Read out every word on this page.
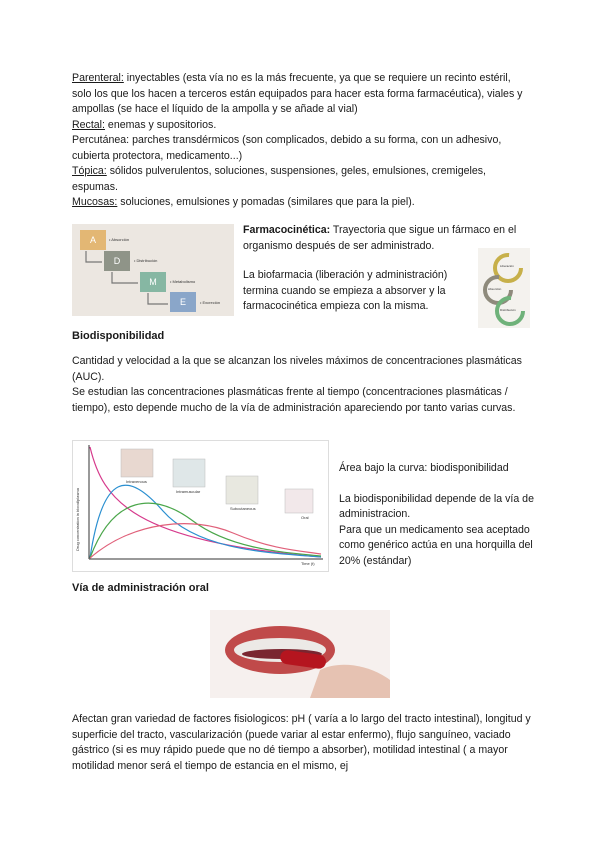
Parenteral: inyectables (esta vía no es la más frecuente, ya que se requiere un recinto estéril, solo los que los hacen a terceros están equipados para hacer esta forma farmacéutica), viales y ampollas (se hace el líquido de la ampolla y se añade al vial)

Rectal: enemas y supositorios.

Percutánea: parches transdérmicos (son complicados, debido a su forma, con un adhesivo, cubierta protectora, medicamento...)

Tópica: sólidos pulverulentos, soluciones, suspensiones, geles, emulsiones, cremigeles, espumas.

Mucosas: soluciones, emulsiones y pomadas (similares que para la piel).

A	• Absorción
D	• Distribución
M	• Metabolismo
E	• Excreción

Farmacocinética: Trayectoria que sigue un fármaco en el organismo después de ser administrado.

La biofarmacia (liberación y administración) termina cuando se empieza a absorver y la farmacocinética empieza con la misma.
Liberación
Absorción
Distribución
Biodisponibilidad

Cantidad y velocidad a la que se alcanzan los niveles máximos de concentraciones plasmáticas (AUC).

Se estudian las concentraciones plasmáticas frente al tiempo (concentraciones plasmáticas / tiempo), esto depende mucho de la vía de administración apareciendo por tanto varias curvas.

Drug concentration in blood/plasma
Time (t)
Intravenous
Intramuscular
Subcutaneous
Oral

Área bajo la curva: biodisponibilidad

La biodisponibilidad depende de la vía de administracion.

Para que un medicamento sea aceptado como genérico actúa en una horquilla del 20% (estándar)

Vía de administración oral
Afectan gran variedad de factores fisiologicos: pH ( varía a lo largo del tracto intestinal), longitud y superficie del tracto, vascularización (puede variar al estar enfermo), flujo sanguíneo, vaciado gástrico (si es muy rápido puede que no dé tiempo a absorber), motilidad intestinal ( a mayor motilidad menor será el tiempo de estancia en el mismo, ej
